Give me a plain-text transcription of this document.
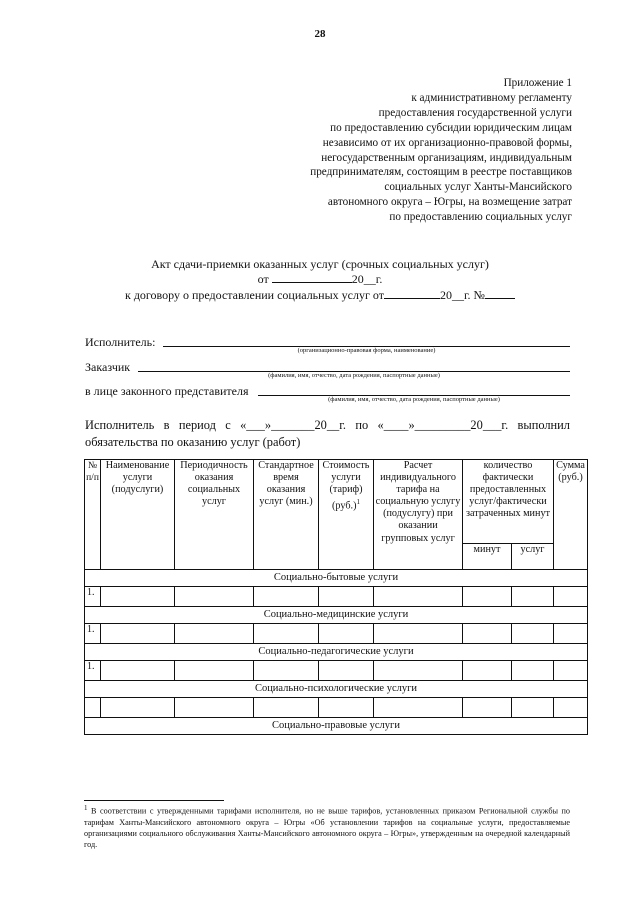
28
Приложение 1
к административному регламенту
предоставления государственной услуги
по предоставлению субсидии юридическим лицам
независимо от их организационно-правовой формы,
негосударственным организациям, индивидуальным
предпринимателям, состоящим в реестре поставщиков
социальных услуг Ханты-Мансийского
автономного округа – Югры, на возмещение затрат
по предоставлению социальных услуг
Акт сдачи-приемки оказанных услуг (срочных социальных услуг)
от	20__г.
к договору о предоставлении социальных услуг от	20__г. №
Исполнитель:
(организационно-правовая форма, наименование)
Заказчик
(фамилия, имя, отчество, дата рождения, паспортные данные)
в лице законного представителя
(фамилия, имя, отчество, дата рождения, паспортные данные)
Исполнитель в период с «___»_______20__г. по «____»_________20___г. выполнил обязательства по оказанию услуг (работ)
№ п/п	Наименование услуги (подуслуги)	Периодичность оказания социальных услуг	Стандартное время оказания услуг (мин.)	Стоимость услуги (тариф) $(руб.)^1$	Расчет индивидуального тарифа на социальную услугу (подуслугу) при оказании групповых услуг	количество фактически предоставленных услуг/фактически затраченных минут		Сумма (руб.)
						минут	услуг	
Социально-бытовые услуги								
1.								
Социально-медицинские услуги								
1.								
Социально-педагогические услуги								
1.								
Социально-психологические услуги								

Социально-правовые услуги								
$^1$ В соответствии с утвержденными тарифами исполнителя, но не выше тарифов, установленных приказом Региональной службы по тарифам Ханты-Мансийского автономного округа – Югры «Об установлении тарифов на социальные услуги, предоставляемые организациями социального обслуживания Ханты-Мансийского автономного округа – Югры», утвержденным на очередной календарный год.
